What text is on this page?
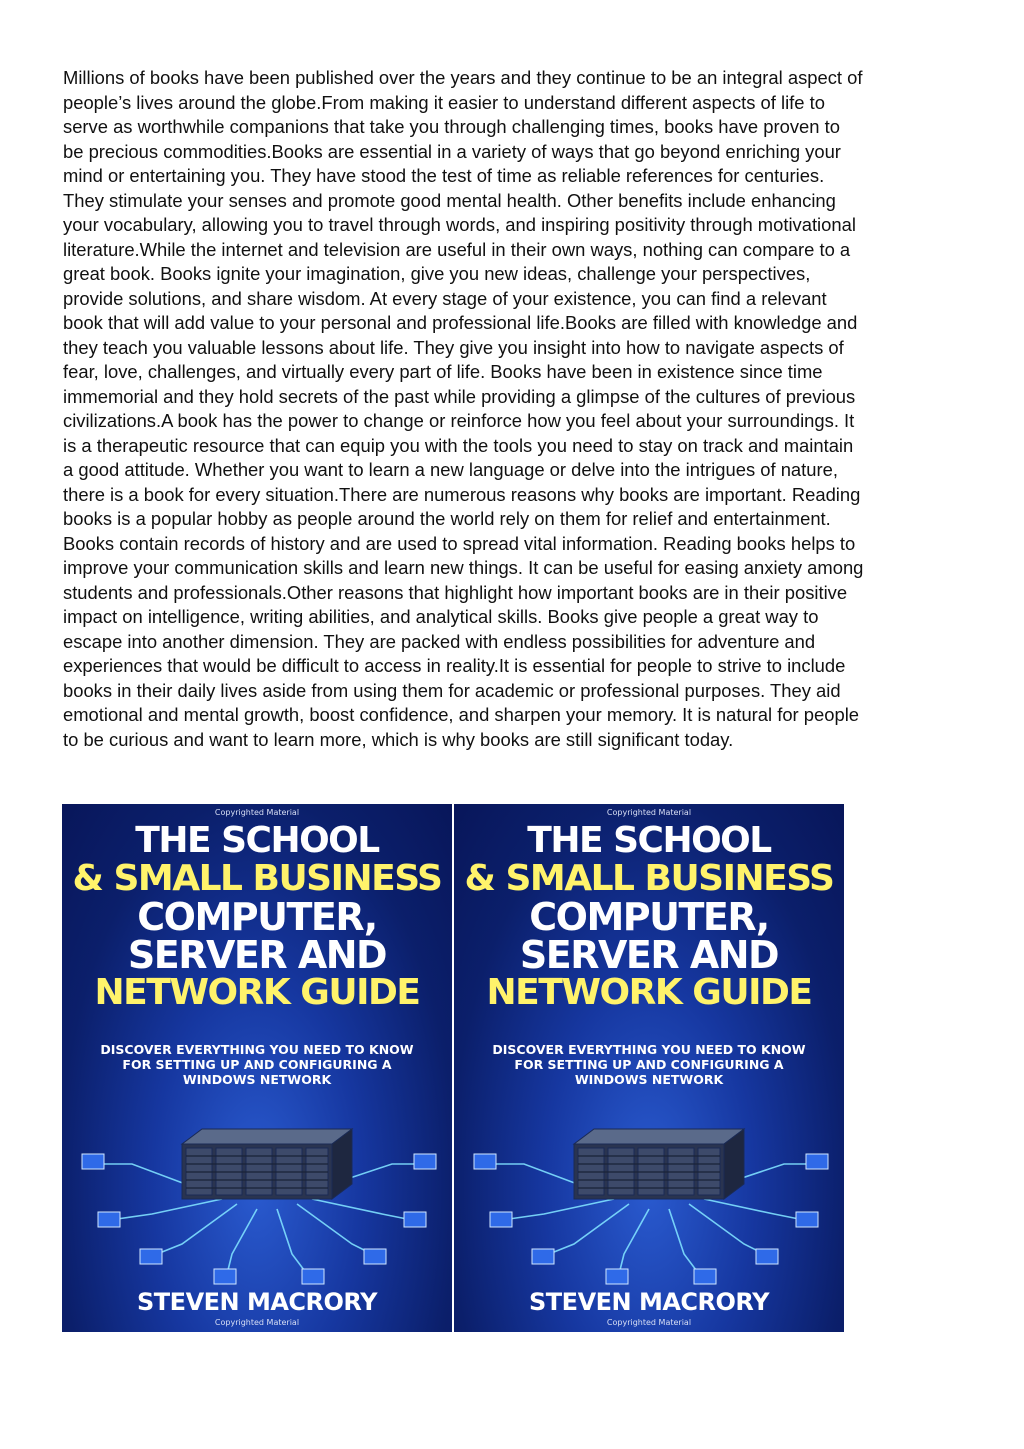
Millions of books have been published over the years and they continue to be an integral aspect of
people’s lives around the globe.From making it easier to understand different aspects of life to
serve as worthwhile companions that take you through challenging times, books have proven to
be precious commodities.Books are essential in a variety of ways that go beyond enriching your
mind or entertaining you. They have stood the test of time as reliable references for centuries.
They stimulate your senses and promote good mental health. Other benefits include enhancing
your vocabulary, allowing you to travel through words, and inspiring positivity through motivational
literature.While the internet and television are useful in their own ways, nothing can compare to a
great book. Books ignite your imagination, give you new ideas, challenge your perspectives,
provide solutions, and share wisdom. At every stage of your existence, you can find a relevant
book that will add value to your personal and professional life.Books are filled with knowledge and
they teach you valuable lessons about life. They give you insight into how to navigate aspects of
fear, love, challenges, and virtually every part of life. Books have been in existence since time
immemorial and they hold secrets of the past while providing a glimpse of the cultures of previous
civilizations.A book has the power to change or reinforce how you feel about your surroundings. It
is a therapeutic resource that can equip you with the tools you need to stay on track and maintain
a good attitude. Whether you want to learn a new language or delve into the intrigues of nature,
there is a book for every situation.There are numerous reasons why books are important. Reading
books is a popular hobby as people around the world rely on them for relief and entertainment.
Books contain records of history and are used to spread vital information. Reading books helps to
improve your communication skills and learn new things. It can be useful for easing anxiety among
students and professionals.Other reasons that highlight how important books are in their positive
impact on intelligence, writing abilities, and analytical skills. Books give people a great way to
escape into another dimension. They are packed with endless possibilities for adventure and
experiences that would be difficult to access in reality.It is essential for people to strive to include
books in their daily lives aside from using them for academic or professional purposes. They aid
emotional and mental growth, boost confidence, and sharpen your memory. It is natural for people
to be curious and want to learn more, which is why books are still significant today.

Copyrighted Material
THE SCHOOL
& SMALL BUSINESS
COMPUTER,
SERVER AND
NETWORK GUIDE
DISCOVER EVERYTHING YOU NEED TO KNOW
FOR SETTING UP AND CONFIGURING A
WINDOWS NETWORK
STEVEN MACRORY
Copyrighted Material
Copyrighted Material
THE SCHOOL
& SMALL BUSINESS
COMPUTER,
SERVER AND
NETWORK GUIDE
DISCOVER EVERYTHING YOU NEED TO KNOW
FOR SETTING UP AND CONFIGURING A
WINDOWS NETWORK
STEVEN MACRORY
Copyrighted Material
